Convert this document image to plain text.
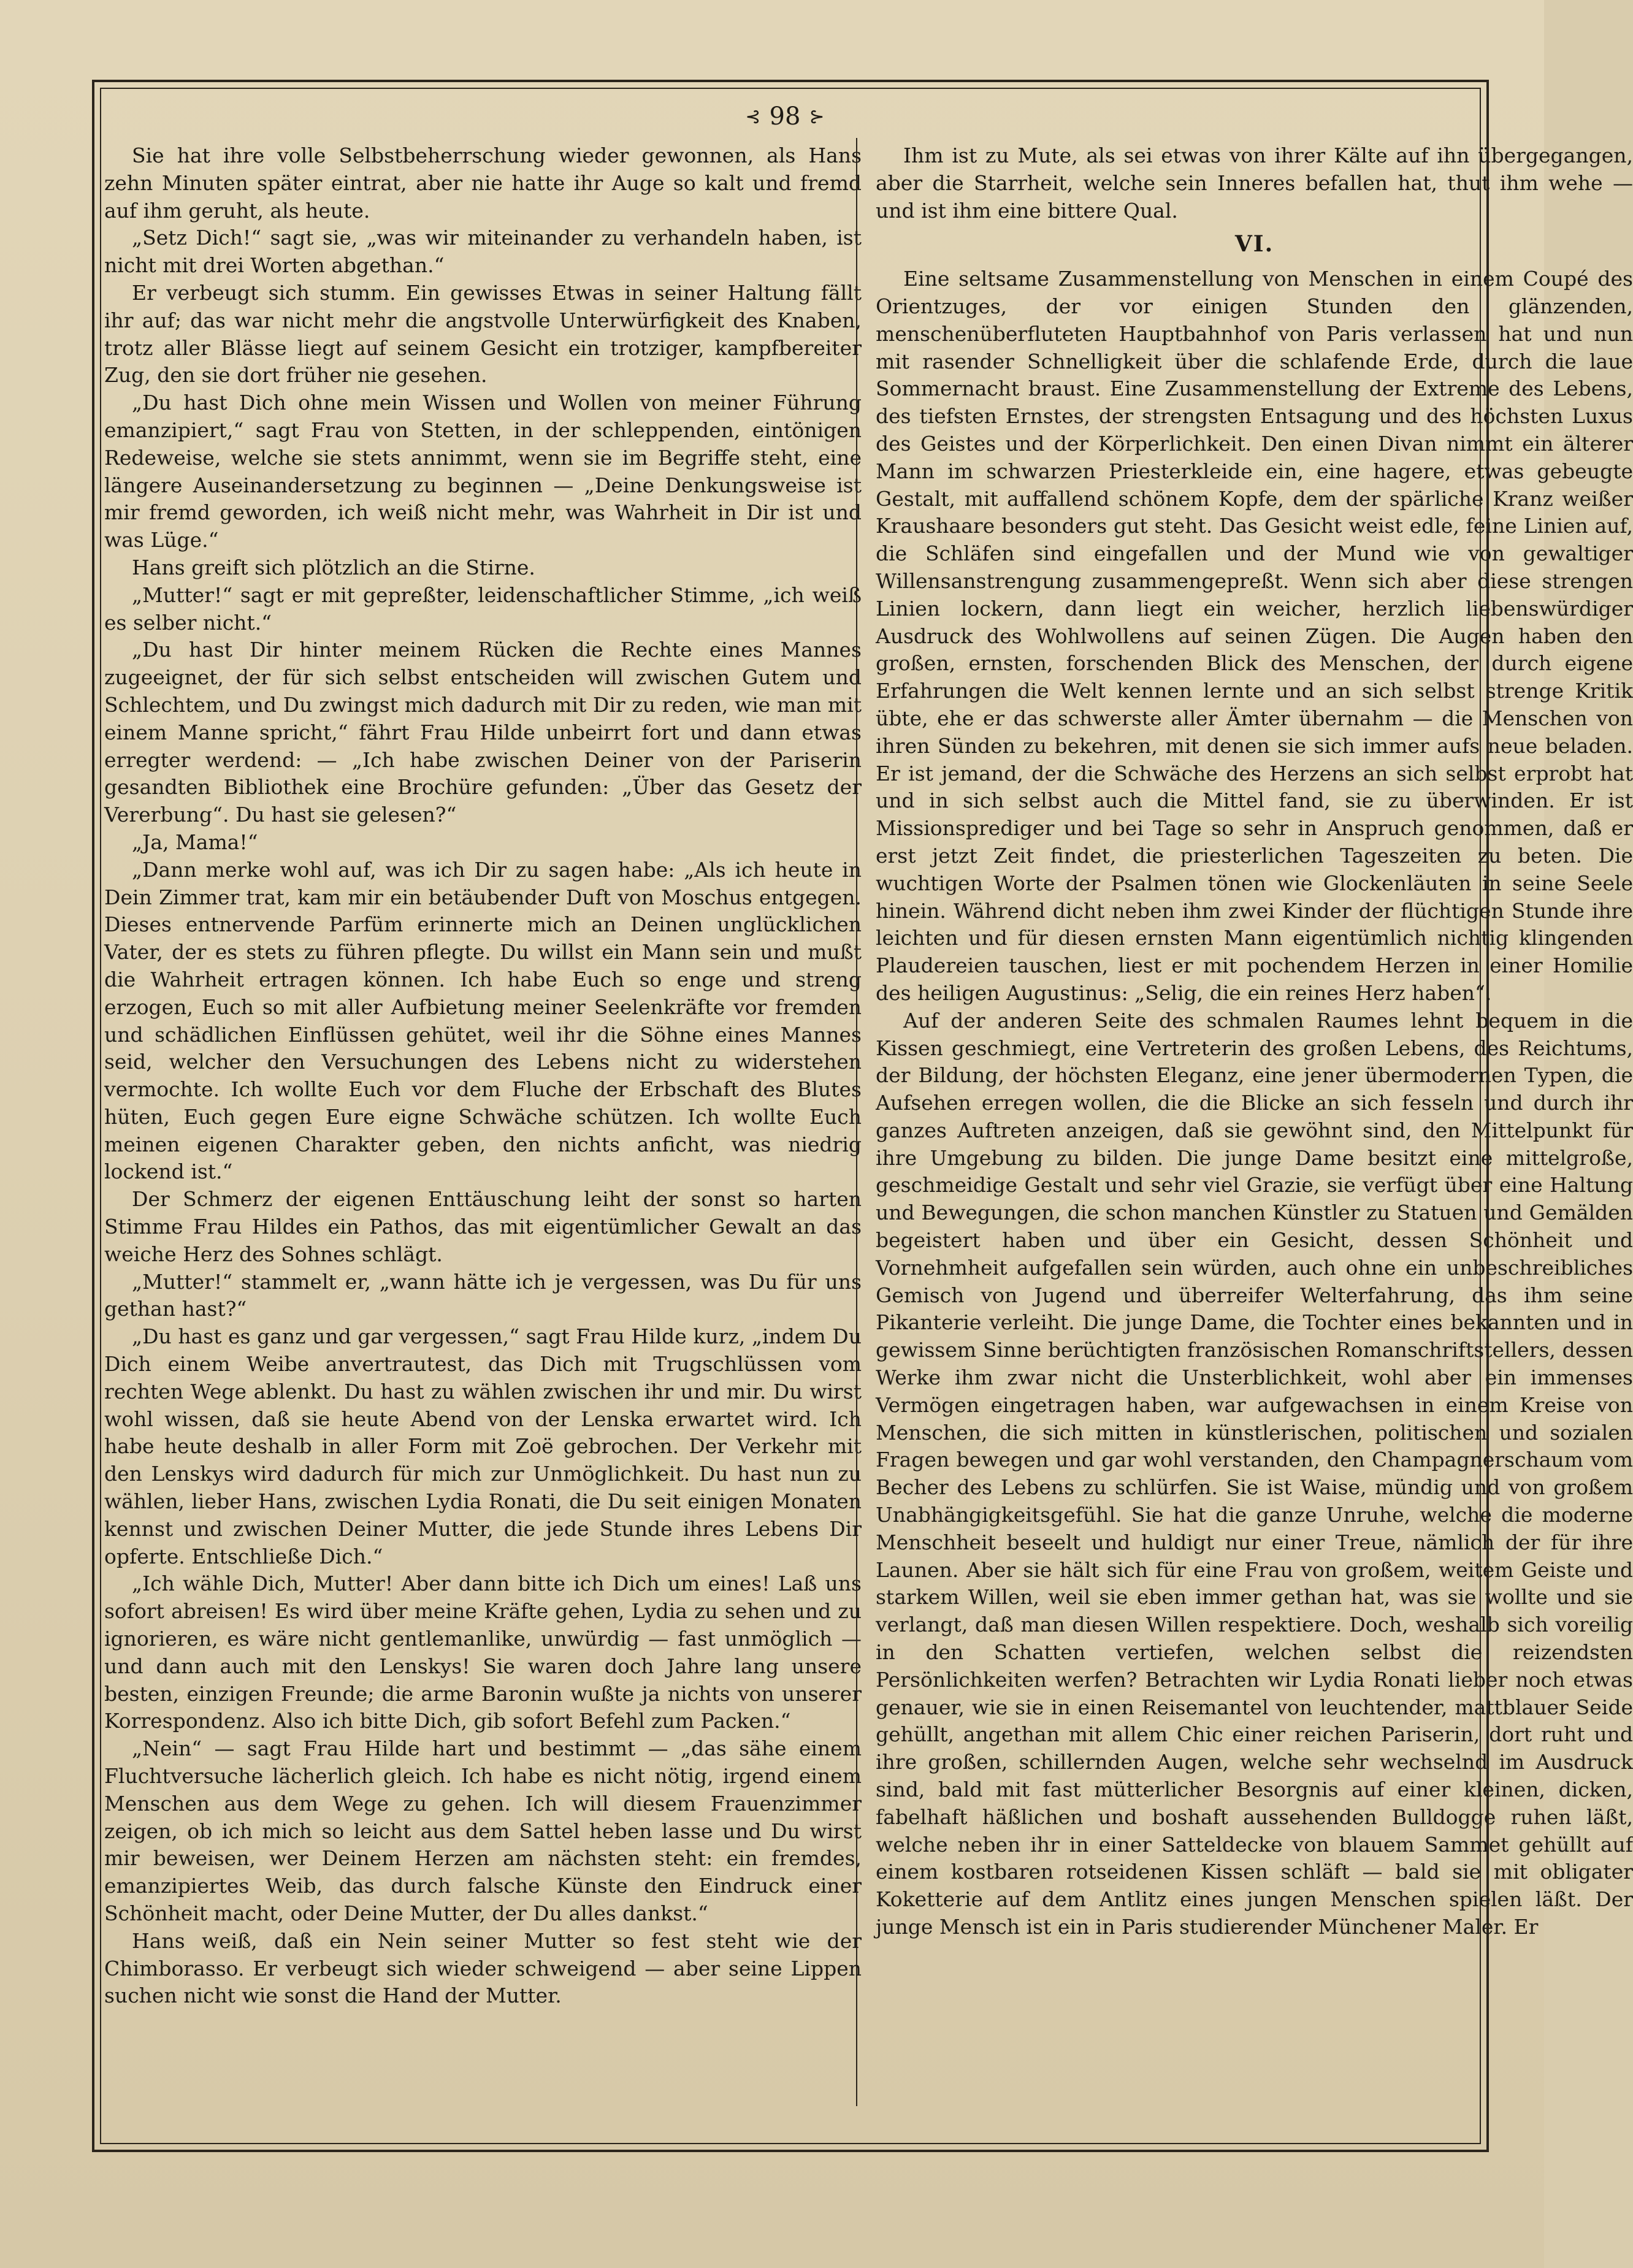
⊰ 98 ⊱

Sie hat ihre volle Selbstbeherrschung wieder gewonnen, als Hans zehn Minuten später eintrat, aber nie hatte ihr Auge so kalt und fremd auf ihm geruht, als heute.

„Setz Dich!“ sagt sie, „was wir miteinander zu verhandeln haben, ist nicht mit drei Worten abgethan.“

Er verbeugt sich stumm. Ein gewisses Etwas in seiner Haltung fällt ihr auf; das war nicht mehr die angstvolle Unterwürfigkeit des Knaben, trotz aller Blässe liegt auf seinem Gesicht ein trotziger, kampfbereiter Zug, den sie dort früher nie gesehen.

„Du hast Dich ohne mein Wissen und Wollen von meiner Führung emanzipiert,“ sagt Frau von Stetten, in der schleppenden, eintönigen Redeweise, welche sie stets annimmt, wenn sie im Begriffe steht, eine längere Auseinandersetzung zu beginnen — „Deine Denkungsweise ist mir fremd geworden, ich weiß nicht mehr, was Wahrheit in Dir ist und was Lüge.“

Hans greift sich plötzlich an die Stirne.

„Mutter!“ sagt er mit gepreßter, leidenschaftlicher Stimme, „ich weiß es selber nicht.“

„Du hast Dir hinter meinem Rücken die Rechte eines Mannes zugeeignet, der für sich selbst entscheiden will zwischen Gutem und Schlechtem, und Du zwingst mich dadurch mit Dir zu reden, wie man mit einem Manne spricht,“ fährt Frau Hilde unbeirrt fort und dann etwas erregter werdend: — „Ich habe zwischen Deiner von der Pariserin gesandten Bibliothek eine Brochüre gefunden: „Über das Gesetz der Vererbung“. Du hast sie gelesen?“

„Ja, Mama!“

„Dann merke wohl auf, was ich Dir zu sagen habe: „Als ich heute in Dein Zimmer trat, kam mir ein betäubender Duft von Moschus entgegen. Dieses entnervende Parfüm erinnerte mich an Deinen unglücklichen Vater, der es stets zu führen pflegte. Du willst ein Mann sein und mußt die Wahrheit ertragen können. Ich habe Euch so enge und streng erzogen, Euch so mit aller Aufbietung meiner Seelenkräfte vor fremden und schädlichen Einflüssen gehütet, weil ihr die Söhne eines Mannes seid, welcher den Versuchungen des Lebens nicht zu widerstehen vermochte. Ich wollte Euch vor dem Fluche der Erbschaft des Blutes hüten, Euch gegen Eure eigne Schwäche schützen. Ich wollte Euch meinen eigenen Charakter geben, den nichts anficht, was niedrig lockend ist.“

Der Schmerz der eigenen Enttäuschung leiht der sonst so harten Stimme Frau Hildes ein Pathos, das mit eigentümlicher Gewalt an das weiche Herz des Sohnes schlägt.

„Mutter!“ stammelt er, „wann hätte ich je vergessen, was Du für uns gethan hast?“

„Du hast es ganz und gar vergessen,“ sagt Frau Hilde kurz, „indem Du Dich einem Weibe anvertrautest, das Dich mit Trugschlüssen vom rechten Wege ablenkt. Du hast zu wählen zwischen ihr und mir. Du wirst wohl wissen, daß sie heute Abend von der Lenska erwartet wird. Ich habe heute deshalb in aller Form mit Zoë gebrochen. Der Verkehr mit den Lenskys wird dadurch für mich zur Unmöglichkeit. Du hast nun zu wählen, lieber Hans, zwischen Lydia Ronati, die Du seit einigen Monaten kennst und zwischen Deiner Mutter, die jede Stunde ihres Lebens Dir opferte. Entschließe Dich.“

„Ich wähle Dich, Mutter! Aber dann bitte ich Dich um eines! Laß uns sofort abreisen! Es wird über meine Kräfte gehen, Lydia zu sehen und zu ignorieren, es wäre nicht gentlemanlike, unwürdig — fast unmöglich — und dann auch mit den Lenskys! Sie waren doch Jahre lang unsere besten, einzigen Freunde; die arme Baronin wußte ja nichts von unserer Korrespondenz. Also ich bitte Dich, gib sofort Befehl zum Packen.“

„Nein“ — sagt Frau Hilde hart und bestimmt — „das sähe einem Fluchtversuche lächerlich gleich. Ich habe es nicht nötig, irgend einem Menschen aus dem Wege zu gehen. Ich will diesem Frauenzimmer zeigen, ob ich mich so leicht aus dem Sattel heben lasse und Du wirst mir beweisen, wer Deinem Herzen am nächsten steht: ein fremdes, emanzipiertes Weib, das durch falsche Künste den Eindruck einer Schönheit macht, oder Deine Mutter, der Du alles dankst.“

Hans weiß, daß ein Nein seiner Mutter so fest steht wie der Chimborasso. Er verbeugt sich wieder schweigend — aber seine Lippen suchen nicht wie sonst die Hand der Mutter.

Ihm ist zu Mute, als sei etwas von ihrer Kälte auf ihn übergegangen, aber die Starrheit, welche sein Inneres befallen hat, thut ihm wehe — und ist ihm eine bittere Qual.

VI.

Eine seltsame Zusammenstellung von Menschen in einem Coupé des Orientzuges, der vor einigen Stunden den glänzenden, menschenüberfluteten Hauptbahnhof von Paris verlassen hat und nun mit rasender Schnelligkeit über die schlafende Erde, durch die laue Sommernacht braust. Eine Zusammenstellung der Extreme des Lebens, des tiefsten Ernstes, der strengsten Entsagung und des höchsten Luxus des Geistes und der Körperlichkeit. Den einen Divan nimmt ein älterer Mann im schwarzen Priesterkleide ein, eine hagere, etwas gebeugte Gestalt, mit auffallend schönem Kopfe, dem der spärliche Kranz weißer Kraushaare besonders gut steht. Das Gesicht weist edle, feine Linien auf, die Schläfen sind eingefallen und der Mund wie von gewaltiger Willensanstrengung zusammengepreßt. Wenn sich aber diese strengen Linien lockern, dann liegt ein weicher, herzlich liebenswürdiger Ausdruck des Wohlwollens auf seinen Zügen. Die Augen haben den großen, ernsten, forschenden Blick des Menschen, der durch eigene Erfahrungen die Welt kennen lernte und an sich selbst strenge Kritik übte, ehe er das schwerste aller Ämter übernahm — die Menschen von ihren Sünden zu bekehren, mit denen sie sich immer aufs neue beladen. Er ist jemand, der die Schwäche des Herzens an sich selbst erprobt hat und in sich selbst auch die Mittel fand, sie zu überwinden. Er ist Missionsprediger und bei Tage so sehr in Anspruch genommen, daß er erst jetzt Zeit findet, die priesterlichen Tageszeiten zu beten. Die wuchtigen Worte der Psalmen tönen wie Glockenläuten in seine Seele hinein. Während dicht neben ihm zwei Kinder der flüchtigen Stunde ihre leichten und für diesen ernsten Mann eigentümlich nichtig klingenden Plaudereien tauschen, liest er mit pochendem Herzen in einer Homilie des heiligen Augustinus: „Selig, die ein reines Herz haben“.

Auf der anderen Seite des schmalen Raumes lehnt bequem in die Kissen geschmiegt, eine Vertreterin des großen Lebens, des Reichtums, der Bildung, der höchsten Eleganz, eine jener übermodernen Typen, die Aufsehen erregen wollen, die die Blicke an sich fesseln und durch ihr ganzes Auftreten anzeigen, daß sie gewöhnt sind, den Mittelpunkt für ihre Umgebung zu bilden. Die junge Dame besitzt eine mittelgroße, geschmeidige Gestalt und sehr viel Grazie, sie verfügt über eine Haltung und Bewegungen, die schon manchen Künstler zu Statuen und Gemälden begeistert haben und über ein Gesicht, dessen Schönheit und Vornehmheit aufgefallen sein würden, auch ohne ein unbeschreibliches Gemisch von Jugend und überreifer Welterfahrung, das ihm seine Pikanterie verleiht. Die junge Dame, die Tochter eines bekannten und in gewissem Sinne berüchtigten französischen Romanschriftstellers, dessen Werke ihm zwar nicht die Unsterblichkeit, wohl aber ein immenses Vermögen eingetragen haben, war aufgewachsen in einem Kreise von Menschen, die sich mitten in künstlerischen, politischen und sozialen Fragen bewegen und gar wohl verstanden, den Champagnerschaum vom Becher des Lebens zu schlürfen. Sie ist Waise, mündig und von großem Unabhängigkeitsgefühl. Sie hat die ganze Unruhe, welche die moderne Menschheit beseelt und huldigt nur einer Treue, nämlich der für ihre Launen. Aber sie hält sich für eine Frau von großem, weitem Geiste und starkem Willen, weil sie eben immer gethan hat, was sie wollte und sie verlangt, daß man diesen Willen respektiere. Doch, weshalb sich voreilig in den Schatten vertiefen, welchen selbst die reizendsten Persönlichkeiten werfen? Betrachten wir Lydia Ronati lieber noch etwas genauer, wie sie in einen Reisemantel von leuchtender, mattblauer Seide gehüllt, angethan mit allem Chic einer reichen Pariserin, dort ruht und ihre großen, schillernden Augen, welche sehr wechselnd im Ausdruck sind, bald mit fast mütterlicher Besorgnis auf einer kleinen, dicken, fabelhaft häßlichen und boshaft aussehenden Bulldogge ruhen läßt, welche neben ihr in einer Satteldecke von blauem Sammet gehüllt auf einem kostbaren rotseidenen Kissen schläft — bald sie mit obligater Koketterie auf dem Antlitz eines jungen Menschen spielen läßt. Der junge Mensch ist ein in Paris studierender Münchener Maler. Er
